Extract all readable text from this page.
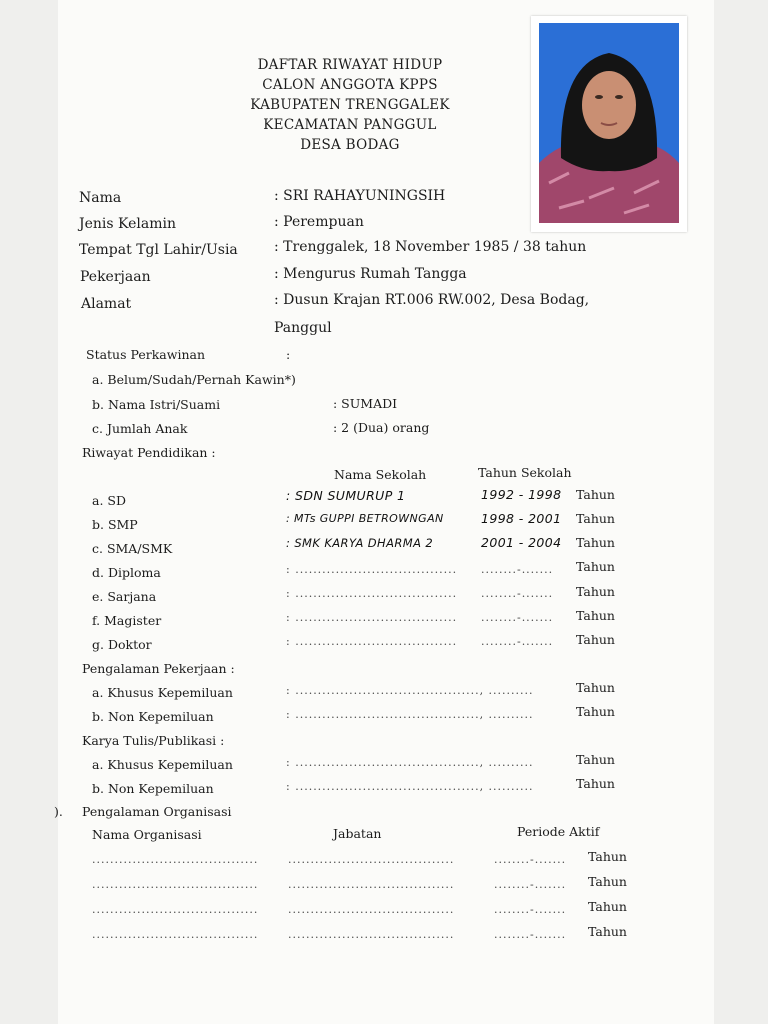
DAFTAR RIWAYAT HIDUP
CALON ANGGOTA KPPS
KABUPATEN TRENGGALEK
KECAMATAN PANGGUL
DESA BODAG
Nama	: SRI RAHAYUNINGSIH
Jenis Kelamin	: Perempuan
Tempat Tgl Lahir/Usia	: Trenggalek, 18 November 1985 / 38 tahun
Pekerjaan	: Mengurus Rumah Tangga
Alamat	: Dusun Krajan RT.006 RW.002, Desa Bodag,
Panggul
Status Perkawinan	:
a. Belum/Sudah/Pernah Kawin*)
b. Nama Istri/Suami	: SUMADI
c. Jumlah Anak	: 2 (Dua) orang
Riwayat Pendidikan :
Nama Sekolah	Tahun Sekolah
a. SD	: SDN SUMURUP 1	1992 - 1998 Tahun
b. SMP	: MTs GUPPI BETROWNGAN	1998 - 2001 Tahun
c. SMA/SMK	: SMK KARYA DHARMA 2	2001 - 2004 Tahun
d. Diploma	: .................................... ........-....... Tahun
e. Sarjana	: .................................... ........-....... Tahun
f. Magister	: .................................... ........-....... Tahun
g. Doktor	: .................................... ........-....... Tahun
Pengalaman Pekerjaan :
a. Khusus Kepemiluan	: ........................................., ..........	Tahun
b. Non Kepemiluan	: ........................................., ..........	Tahun
Karya Tulis/Publikasi :
a. Khusus Kepemiluan	: ........................................., ..........	Tahun
b. Non Kepemiluan	: ........................................., ..........	Tahun
). Pengalaman Organisasi
Nama Organisasi	Jabatan	Periode Aktif
.....................................	.....................................	........-....... Tahun
.....................................	.....................................	........-....... Tahun
.....................................	.....................................	........-....... Tahun
.....................................	.....................................	........-....... Tahun
